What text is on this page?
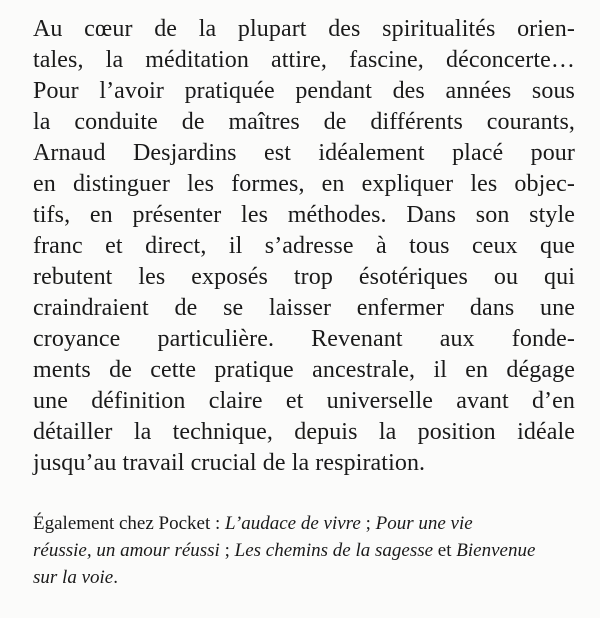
Au cœur de la plupart des spiritualités orien-
tales, la méditation attire, fascine, déconcerte…
Pour l’avoir pratiquée pendant des années sous
la conduite de maîtres de différents courants,
Arnaud Desjardins est idéalement placé pour
en distinguer les formes, en expliquer les objec-
tifs, en présenter les méthodes. Dans son style
franc et direct, il s’adresse à tous ceux que
rebutent les exposés trop ésotériques ou qui
craindraient de se laisser enfermer dans une
croyance particulière. Revenant aux fonde-
ments de cette pratique ancestrale, il en dégage
une définition claire et universelle avant d’en
détailler la technique, depuis la position idéale
jusqu’au travail crucial de la respiration.

Également chez Pocket : L’audace de vivre ; Pour une vie
réussie, un amour réussi ; Les chemins de la sagesse et Bienvenue
sur la voie.
